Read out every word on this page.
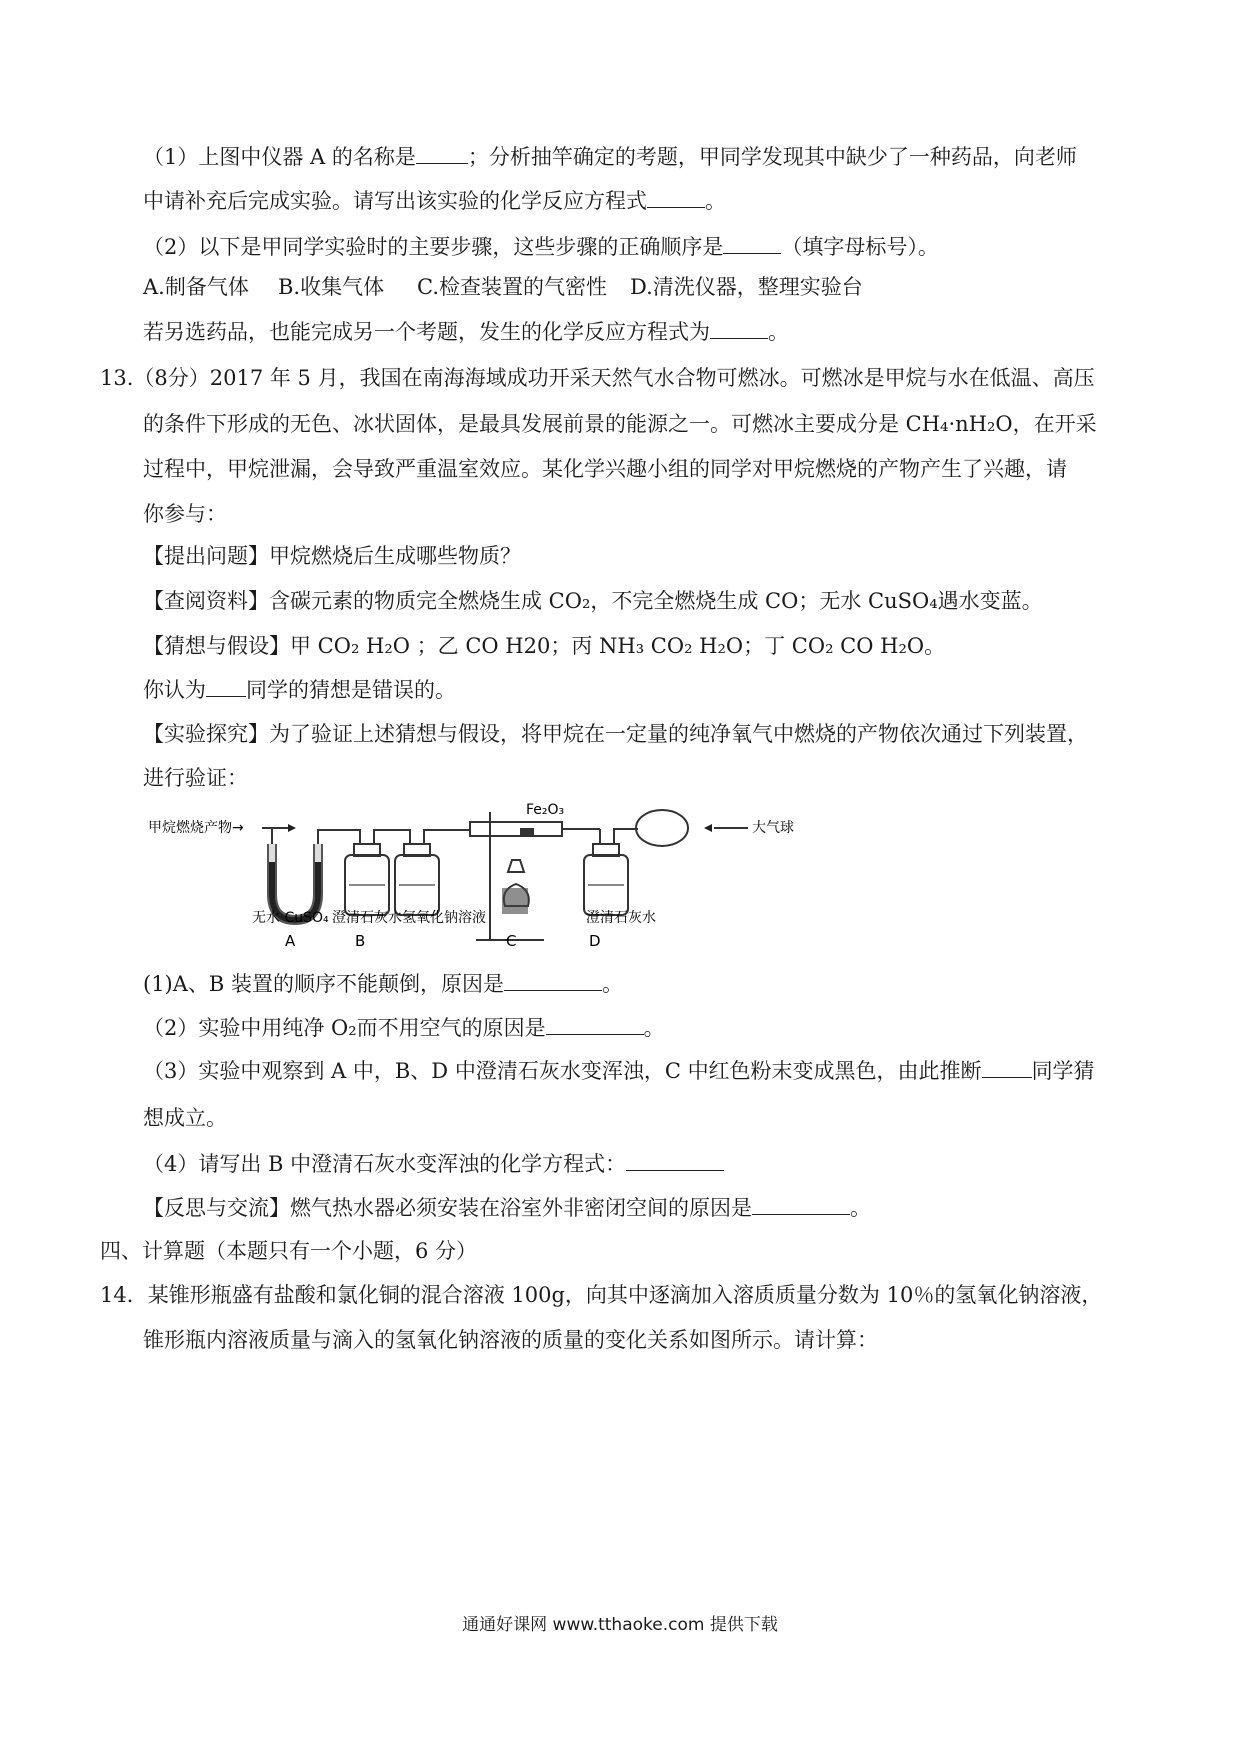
（1）上图中仪器 A 的名称是 ；分析抽竿确定的考题，甲同学发现其中缺少了一种药品，向老师
中请补充后完成实验。请写出该实验的化学反应方程式	。
（2）以下是甲同学实验时的主要步骤，这些步骤的正确顺序是	（填字母标号）。
A.制备气体 B.收集气体 C.检查装置的气密性 D.清洗仪器，整理实验台
若另选药品，也能完成另一个考题，发生的化学反应方程式为	。
13.（8分）2017 年 5 月，我国在南海海域成功开采天然气水合物可燃冰。可燃冰是甲烷与水在低温、高压
的条件下形成的无色、冰状固体，是最具发展前景的能源之一。可燃冰主要成分是 CH₄·nH₂O，在开采
过程中，甲烷泄漏，会导致严重温室效应。某化学兴趣小组的同学对甲烷燃烧的产物产生了兴趣，请
你参与：
【提出问题】甲烷燃烧后生成哪些物质？
【查阅资料】含碳元素的物质完全燃烧生成 CO₂，不完全燃烧生成 CO；无水 CuSO₄遇水变蓝。
【猜想与假设】甲 CO₂ H₂O ；乙 CO H20；丙 NH₃ CO₂ H₂O；丁 CO₂ CO H₂O。
你认为 同学的猜想是错误的。
【实验探究】为了验证上述猜想与假设，将甲烷在一定量的纯净氧气中燃烧的产物依次通过下列装置，
进行验证：
甲烷燃烧产物→
Fe₂O₃
大气球
无水 CuSO₄ 澄清石灰水 氢氧化钠溶液	澄清石灰水
A	B	C	D
(1)A、B 装置的顺序不能颠倒，原因是	。
（2）实验中用纯净 O₂而不用空气的原因是	。
（3）实验中观察到 A 中，B、D 中澄清石灰水变浑浊，C 中红色粉末变成黑色，由此推断 同学猜
想成立。
（4）请写出 B 中澄清石灰水变浑浊的化学方程式：
【反思与交流】燃气热水器必须安装在浴室外非密闭空间的原因是	。
四、计算题（本题只有一个小题，6 分）
14．某锥形瓶盛有盐酸和氯化铜的混合溶液 100g，向其中逐滴加入溶质质量分数为 10％的氢氧化钠溶液，
锥形瓶内溶液质量与滴入的氢氧化钠溶液的质量的变化关系如图所示。请计算：
通通好课网 www.tthaoke.com 提供下载
